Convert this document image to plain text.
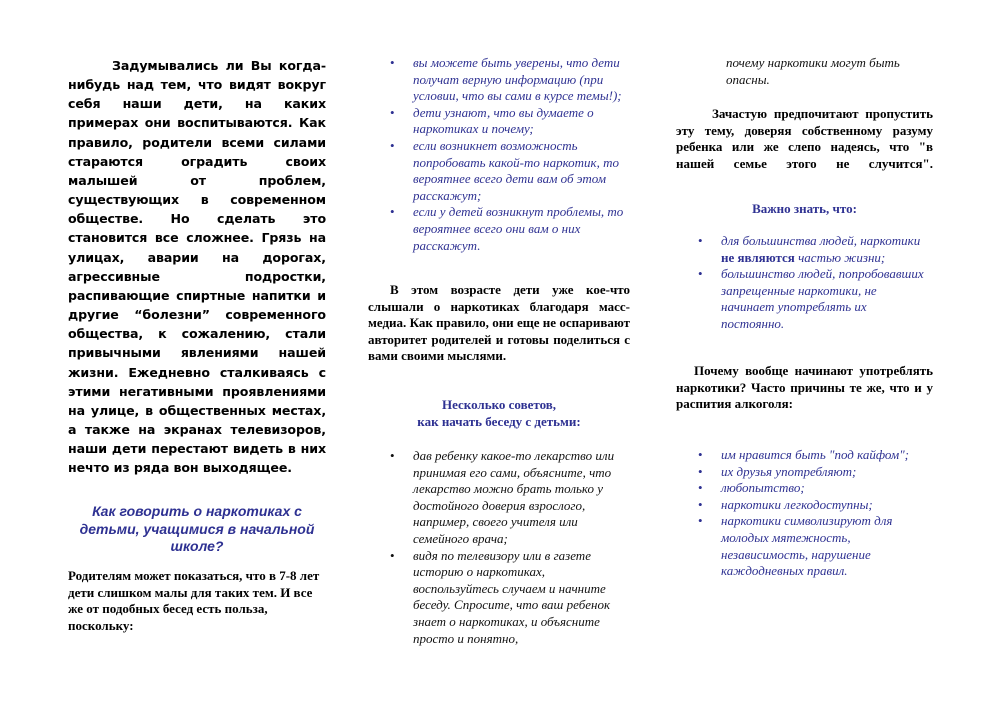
Задумывались ли Вы когда-нибудь над тем, что видят вокруг себя наши дети, на каких примерах они воспитываются. Как правило, родители всеми силами стараются оградить своих малышей от проблем, существующих в современном обществе. Но сделать это становится все сложнее. Грязь на улицах, аварии на дорогах, агрессивные подростки, распивающие спиртные напитки и другие “болезни” современного общества, к сожалению, стали привычными явлениями нашей жизни. Ежедневно сталкиваясь с этими негативными проявлениями на улице, в общественных местах, а также на экранах телевизоров, наши дети перестают видеть в них нечто из ряда вон выходящее.

Как говорить о наркотиках с детьми, учащимися в начальной школе?

Родителям может показаться, что в 7-8 лет дети слишком малы для таких тем. И все же от подобных бесед есть польза, поскольку:

• вы можете быть уверены, что дети получат верную информацию (при условии, что вы сами в курсе темы!);
• дети узнают, что вы думаете о наркотиках и почему;
• если возникнет возможность попробовать какой-то наркотик, то вероятнее всего дети вам об этом расскажут;
• если у детей возникнут проблемы, то вероятнее всего они вам о них расскажут.

В этом возрасте дети уже кое-что слышали о наркотиках благодаря масс-медиа. Как правило, они еще не оспаривают авторитет родителей и готовы поделиться с вами своими мыслями.

Несколько советов,
как начать беседу с детьми:
• дав ребенку какое-то лекарство или принимая его сами, объясните, что лекарство можно брать только у достойного доверия взрослого, например, своего учителя или семейного врача;
• видя по телевизору или в газете историю о наркотиках, воспользуйтесь случаем и начните беседу. Спросите, что ваш ребенок знает о наркотиках, и объясните просто и понятно,

почему наркотики могут быть опасны.

Зачастую предпочитают пропустить эту тему, доверяя собственному разуму ребенка или же слепо надеясь, что "в нашей семье этого не случится".

Важно знать, что:
• для большинства людей, наркотики не являются частью жизни;
• большинство людей, попробовавших запрещенные наркотики, не начинает употреблять их постоянно.

Почему вообще начинают употреблять наркотики? Часто причины те же, что и у распития алкоголя:

• им нравится быть "под кайфом";
• их друзья употребляют;
• любопытство;
• наркотики легкодоступны;
• наркотики символизируют для молодых мятежность, независимость, нарушение каждодневных правил.
